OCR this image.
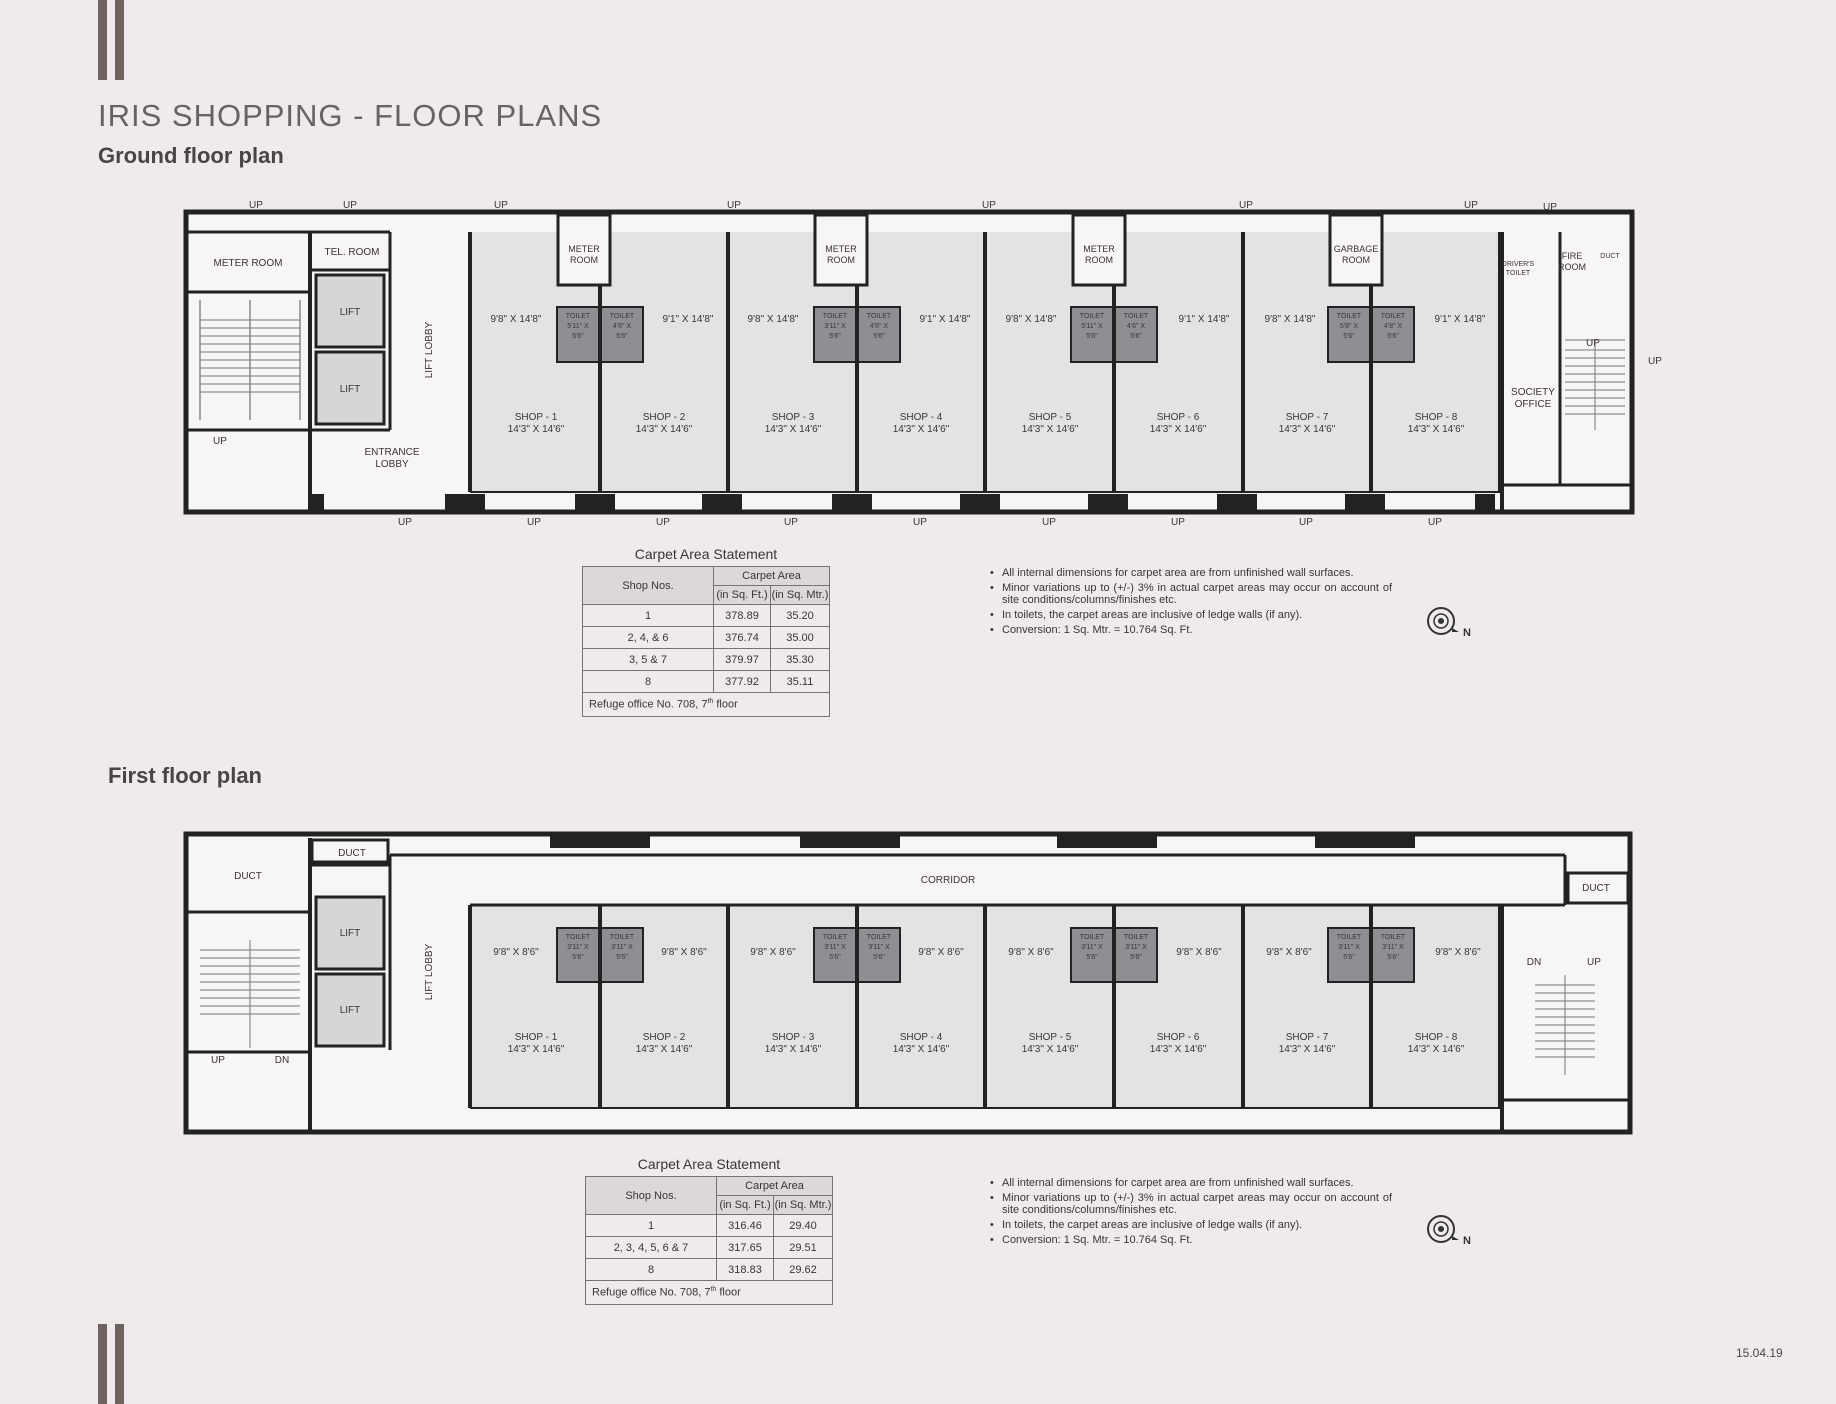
IRIS SHOPPING - FLOOR PLANS
Ground floor plan
First floor plan
METER ROOM
TEL. ROOM
LIFT
LIFT
LIFT LOBBY
ENTRANCE
LOBBY
UP
METER
ROOM
METER
ROOM
METER
ROOM
GARBAGE
ROOM	DRIVER'S
TOILET
FIRE
ROOM
DUCT
SOCIETY
OFFICE
UP
SHOP - 1
14'3" X 14'6"
9'8" X 14'8"
SHOP - 2
14'3" X 14'6"
9'1" X 14'8"
SHOP - 3
14'3" X 14'6"
9'8" X 14'8"
SHOP - 4
14'3" X 14'6"
9'1" X 14'8"
SHOP - 5
14'3" X 14'6"
9'8" X 14'8"
SHOP - 6
14'3" X 14'6"
9'1" X 14'8"
SHOP - 7
14'3" X 14'6"
9'8" X 14'8"
SHOP - 8
14'3" X 14'6"
9'1" X 14'8"
TOILET
5'11" X
5'6"
TOILET
4'6" X
5'6"
TOILET
3'11" X
5'6"
TOILET
4'6" X
5'6"
TOILET
5'11" X
5'6"
TOILET
4'6" X
5'6"
TOILET
5'8" X
5'6"
TOILET
4'8" X
5'6"
UP	UP	UP	UP	UP	UP	UP	UP	UP
UP	UP	UP	UP	UP	UP	UP	UP
UP
Carpet Area Statement
Shop Nos.	Carpet Area	
	(in Sq. Ft.)	(in Sq. Mtr.)
1	378.89	35.20
2, 4, & 6	376.74	35.00
3, 5 & 7	379.97	35.30
8	377.92	35.11
Refuge office No. 708, 7th floor		
• All internal dimensions for carpet area are from unfinished wall surfaces.
• Minor variations up to (+/-) 3% in actual carpet areas may occur on account of site conditions/columns/finishes etc.
• In toilets, the carpet areas are inclusive of ledge walls (if any).
• Conversion: 1 Sq. Mtr. = 10.764 Sq. Ft.	N
DUCT
DUCT
DUCT
LIFT
LIFT
LIFT LOBBY
CORRIDOR
UP	DN
DN	UP
SHOP - 1
14'3" X 14'6"
9'8" X 8'6"
SHOP - 2
14'3" X 14'6"
9'8" X 8'6"
SHOP - 3
14'3" X 14'6"
9'8" X 8'6"
SHOP - 4
14'3" X 14'6"
9'8" X 8'6"
SHOP - 5
14'3" X 14'6"
9'8" X 8'6"
SHOP - 6
14'3" X 14'6"
9'8" X 8'6"
SHOP - 7
14'3" X 14'6"
9'8" X 8'6"
SHOP - 8
14'3" X 14'6"
9'8" X 8'6"
TOILET
3'11" X
5'6"
TOILET
3'11" X
5'6"
TOILET
3'11" X
5'6"
TOILET
3'11" X
5'6"
TOILET
3'11" X
5'6"
TOILET
3'11" X
5'6"
TOILET
3'11" X
5'6"
TOILET
3'11" X
5'6"
Carpet Area Statement
Shop Nos.	Carpet Area	
	(in Sq. Ft.)	(in Sq. Mtr.)
1	316.46	29.40
2, 3, 4, 5, 6 & 7	317.65	29.51
8	318.83	29.62
Refuge office No. 708, 7th floor		
• All internal dimensions for carpet area are from unfinished wall surfaces.
• Minor variations up to (+/-) 3% in actual carpet areas may occur on account of site conditions/columns/finishes etc.
• In toilets, the carpet areas are inclusive of ledge walls (if any).
• Conversion: 1 Sq. Mtr. = 10.764 Sq. Ft.	N
15.04.19
